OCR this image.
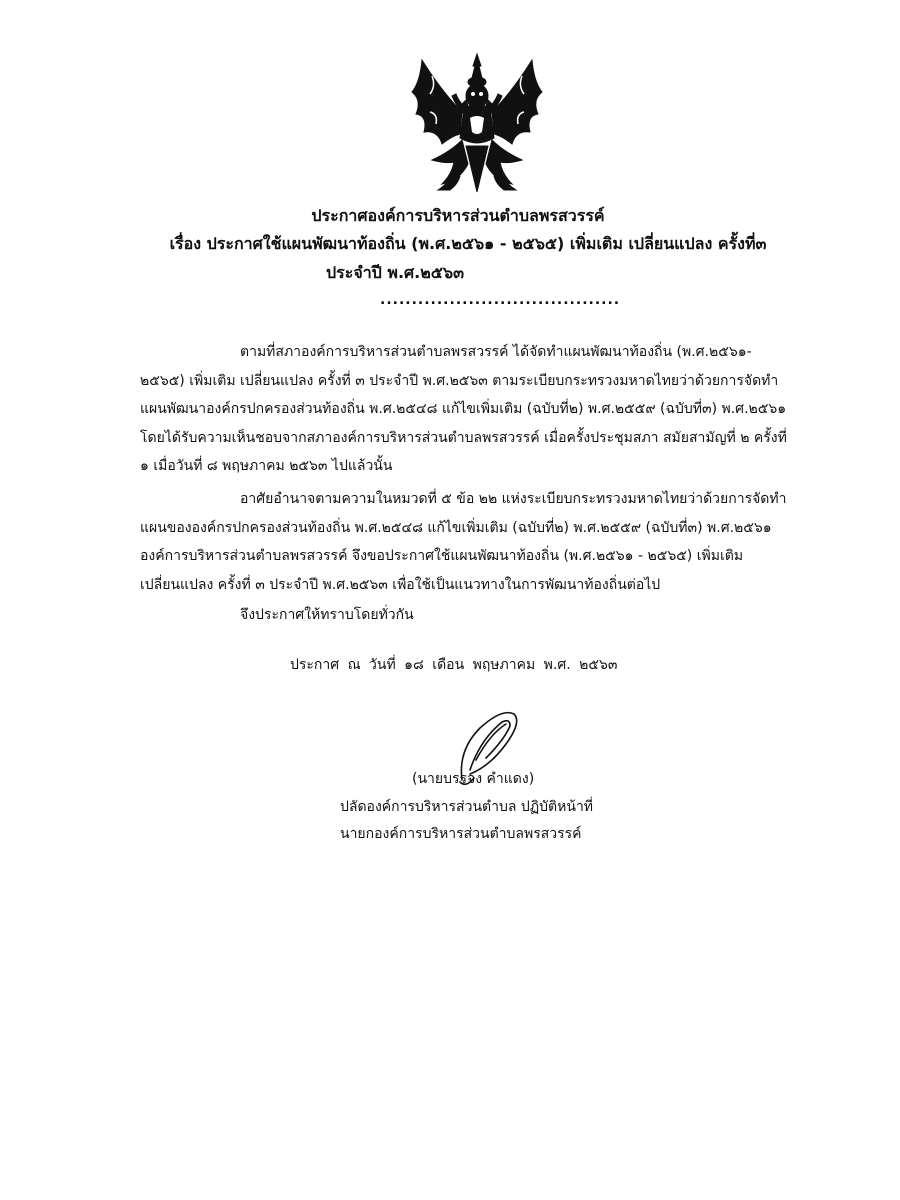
ประกาศองค์การบริหารส่วนตำบลพรสวรรค์
เรื่อง ประกาศใช้แผนพัฒนาท้องถิ่น (พ.ศ.๒๕๖๑ - ๒๕๖๕) เพิ่มเติม เปลี่ยนแปลง ครั้งที่๓
ประจำปี พ.ศ.๒๕๖๓
......................................
ตามที่สภาองค์การบริหารส่วนตำบลพรสวรรค์ ได้จัดทำแผนพัฒนาท้องถิ่น (พ.ศ.๒๕๖๑-
๒๕๖๕) เพิ่มเติม เปลี่ยนแปลง ครั้งที่ ๓ ประจำปี พ.ศ.๒๕๖๓ ตามระเบียบกระทรวงมหาดไทยว่าด้วยการจัดทำ
แผนพัฒนาองค์กรปกครองส่วนท้องถิ่น พ.ศ.๒๕๔๘ แก้ไขเพิ่มเติม (ฉบับที่๒) พ.ศ.๒๕๕๙ (ฉบับที่๓) พ.ศ.๒๕๖๑
โดยได้รับความเห็นชอบจากสภาองค์การบริหารส่วนตำบลพรสวรรค์ เมื่อครั้งประชุมสภา สมัยสามัญที่ ๒ ครั้งที่
๑ เมื่อวันที่ ๘ พฤษภาคม ๒๕๖๓ ไปแล้วนั้น
อาศัยอำนาจตามความในหมวดที่ ๕ ข้อ ๒๒ แห่งระเบียบกระทรวงมหาดไทยว่าด้วยการจัดทำ
แผนขององค์กรปกครองส่วนท้องถิ่น พ.ศ.๒๕๔๘ แก้ไขเพิ่มเติม (ฉบับที่๒) พ.ศ.๒๕๕๙ (ฉบับที่๓) พ.ศ.๒๕๖๑
องค์การบริหารส่วนตำบลพรสวรรค์ จึงขอประกาศใช้แผนพัฒนาท้องถิ่น (พ.ศ.๒๕๖๑ - ๒๕๖๕) เพิ่มเติม
เปลี่ยนแปลง ครั้งที่ ๓ ประจำปี พ.ศ.๒๕๖๓ เพื่อใช้เป็นแนวทางในการพัฒนาท้องถิ่นต่อไป
จึงประกาศให้ทราบโดยทั่วกัน
ประกาศ ณ วันที่ ๑๘ เดือน พฤษภาคม พ.ศ. ๒๕๖๓
(นายบรรจง คำแดง)
ปลัดองค์การบริหารส่วนตำบล ปฏิบัติหน้าที่
นายกองค์การบริหารส่วนตำบลพรสวรรค์
